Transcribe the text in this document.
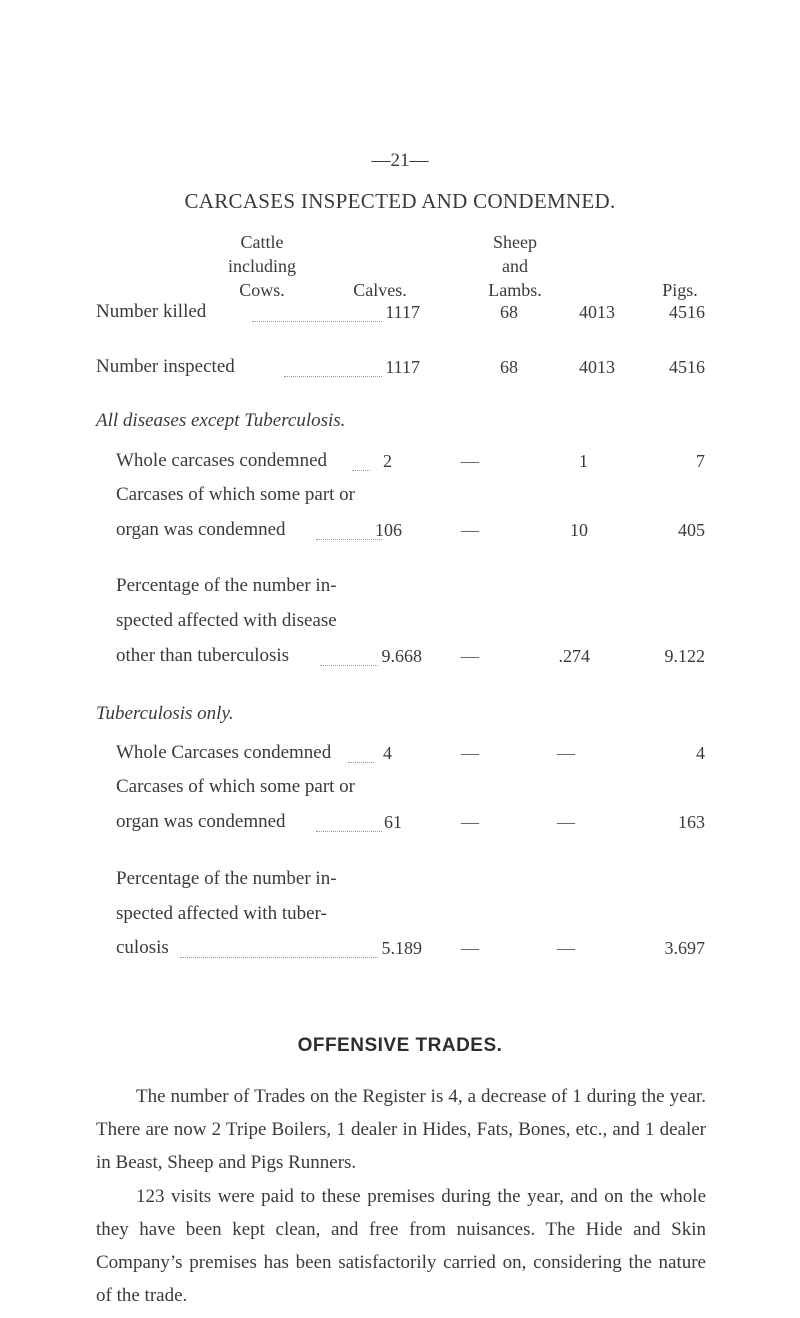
—21—
CARCASES INSPECTED AND CONDEMNED.
Cattle
including
Cows.	Calves.
Sheep
and
Lambs.	Pigs.
Number killed	1117	68	4013	4516
Number inspected	1117	68	4013	4516
All diseases except Tuberculosis.
Whole carcases condemned	2	—	1	7
Carcases of which some part or
organ was condemned	106	—	10	405
Percentage of the number in-
spected affected with disease
other than tuberculosis	9.668	—	.274	9.122
Tuberculosis only.
Whole Carcases condemned	4	—	—	4
Carcases of which some part or
organ was condemned	61	—	—	163
Percentage of the number in-
spected affected with tuber-
culosis	5.189	—	—	3.697
OFFENSIVE TRADES.
The number of Trades on the Register is 4, a decrease of 1 during the year. There are now 2 Tripe Boilers, 1 dealer in Hides, Fats, Bones, etc., and 1 dealer in Beast, Sheep and Pigs Runners.
123 visits were paid to these premises during the year, and on the whole they have been kept clean, and free from nuisances. The Hide and Skin Company’s premises has been satisfactorily carried on, considering the nature of the trade.
